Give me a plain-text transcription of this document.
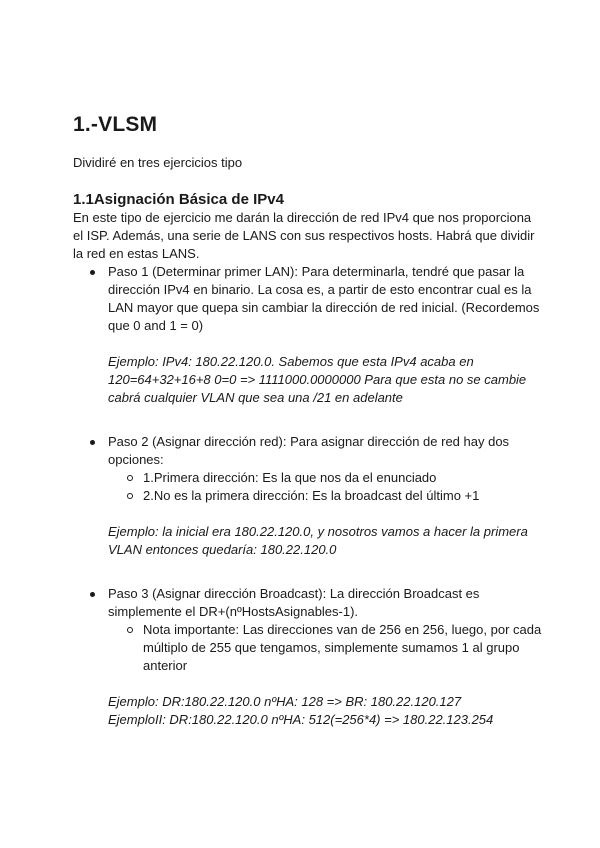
1.-VLSM
Dividiré en tres ejercicios tipo
1.1Asignación Básica de IPv4

En este tipo de ejercicio me darán la dirección de red IPv4 que nos proporciona el ISP. Además, una serie de LANS con sus respectivos hosts. Habrá que dividir la red en estas LANS.

Paso 1 (Determinar primer LAN): Para determinarla, tendré que pasar la dirección IPv4 en binario. La cosa es, a partir de esto encontrar cual es la LAN mayor que quepa sin cambiar la dirección de red inicial. (Recordemos que 0 and 1 = 0)

Ejemplo: IPv4: 180.22.120.0. Sabemos que esta IPv4 acaba en 120=64+32+16+8 0=0 => 1111000.0000000 Para que esta no se cambie cabrá cualquier VLAN que sea una /21 en adelante

Paso 2 (Asignar dirección red): Para asignar dirección de red hay dos opciones:

1.Primera dirección: Es la que nos da el enunciado
2.No es la primera dirección: Es la broadcast del último +1

Ejemplo: la inicial era 180.22.120.0, y nosotros vamos a hacer la primera       VLAN entonces quedaría: 180.22.120.0

Paso 3 (Asignar dirección Broadcast): La dirección Broadcast es simplemente el DR+(nºHostsAsignables-1).

Nota importante: Las direcciones van de 256 en 256, luego, por cada múltiplo de 255 que tengamos, simplemente sumamos 1 al grupo anterior

Ejemplo: DR:180.22.120.0 nºHA: 128 => BR: 180.22.120.127

EjemploII: DR:180.22.120.0 nºHA: 512(=256*4) => 180.22.123.254
